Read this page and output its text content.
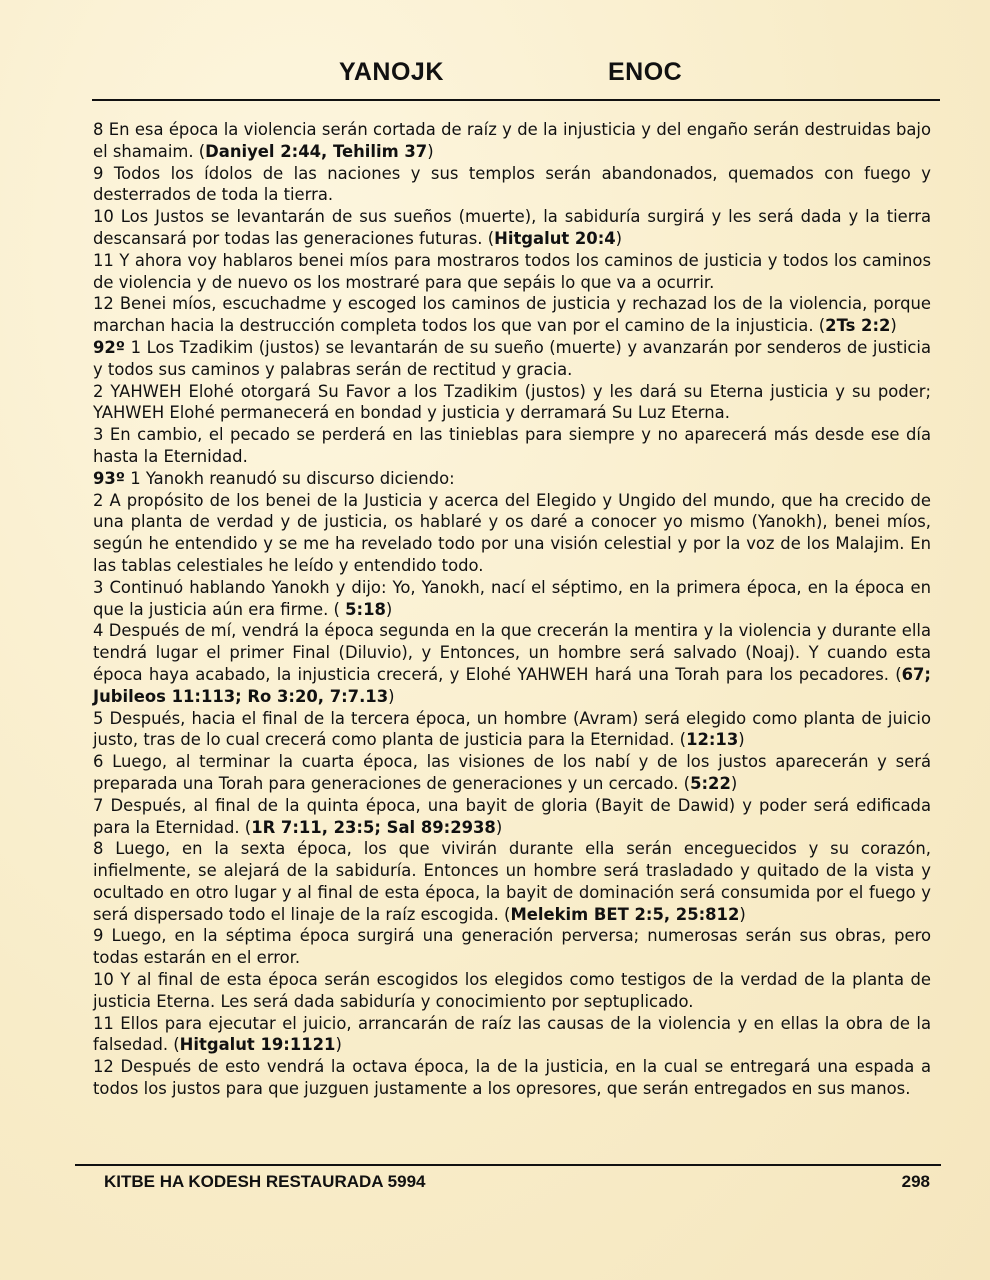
YANOJK	ENOC

8 En esa época la violencia serán cortada de raíz y de la injusticia y del engaño serán destruidas bajo el shamaim. (Daniyel 2:44, Tehilim 37)

9 Todos los ídolos de las naciones y sus templos serán abandonados, quemados con fuego y desterrados de toda la tierra.

10 Los Justos se levantarán de sus sueños (muerte), la sabiduría surgirá y les será dada y la tierra descansará por todas las generaciones futuras. (Hitgalut 20:4)

11 Y ahora voy hablaros benei míos para mostraros todos los caminos de justicia y todos los caminos de violencia y de nuevo os los mostraré para que sepáis lo que va a ocurrir.

12 Benei míos, escuchadme y escoged los caminos de justicia y rechazad los de la violencia, porque marchan hacia la destrucción completa todos los que van por el camino de la injusticia. (2Ts 2:2)

92º 1 Los Tzadikim (justos) se levantarán de su sueño (muerte) y avanzarán por senderos de justicia y todos sus caminos y palabras serán de rectitud y gracia.

2 YAHWEH Elohé otorgará Su Favor a los Tzadikim (justos) y les dará su Eterna justicia y su poder; YAHWEH Elohé permanecerá en bondad y justicia y derramará Su Luz Eterna.

3 En cambio, el pecado se perderá en las tinieblas para siempre y no aparecerá más desde ese día hasta la Eternidad.

93º 1 Yanokh reanudó su discurso diciendo:

2 A propósito de los benei de la Justicia y acerca del Elegido y Ungido del mundo, que ha crecido de una planta de verdad y de justicia, os hablaré y os daré a conocer yo mismo (Yanokh), benei míos, según he entendido y se me ha revelado todo por una visión celestial y por la voz de los Malajim. En las tablas celestiales he leído y entendido todo.

3 Continuó hablando Yanokh y dijo: Yo, Yanokh, nací el séptimo, en la primera época, en la época en que la justicia aún era firme. ( 5:18)

4 Después de mí, vendrá la época segunda en la que crecerán la mentira y la violencia y durante ella tendrá lugar el primer Final (Diluvio), y Entonces, un hombre será salvado (Noaj). Y cuando esta época haya acabado, la injusticia crecerá, y Elohé YAHWEH hará una Torah para los pecadores. (67; Jubileos 11:113; Ro 3:20, 7:7.13)

5 Después, hacia el final de la tercera época, un hombre (Avram) será elegido como planta de juicio justo, tras de lo cual crecerá como planta de justicia para la Eternidad. (12:13)

6 Luego, al terminar la cuarta época, las visiones de los nabí y de los justos aparecerán y será preparada una Torah para generaciones de generaciones y un cercado. (5:22)

7 Después, al final de la quinta época, una bayit de gloria (Bayit de Dawid) y poder será edificada para la Eternidad. (1R 7:11, 23:5; Sal 89:2938)

8 Luego, en la sexta época, los que vivirán durante ella serán enceguecidos y su corazón, infielmente, se alejará de la sabiduría. Entonces un hombre será trasladado y quitado de la vista y ocultado en otro lugar y al final de esta época, la bayit de dominación será consumida por el fuego y será dispersado todo el linaje de la raíz escogida. (Melekim BET 2:5, 25:812)

9 Luego, en la séptima época surgirá una generación perversa; numerosas serán sus obras, pero todas estarán en el error.

10 Y al final de esta época serán escogidos los elegidos como testigos de la verdad de la planta de justicia Eterna. Les será dada sabiduría y conocimiento por septuplicado.

11 Ellos para ejecutar el juicio, arrancarán de raíz las causas de la violencia y en ellas la obra de la falsedad. (Hitgalut 19:1121)

12 Después de esto vendrá la octava época, la de la justicia, en la cual se entregará una espada a todos los justos para que juzguen justamente a los opresores, que serán entregados en sus manos.

KITBE HA KODESH RESTAURADA 5994	298
